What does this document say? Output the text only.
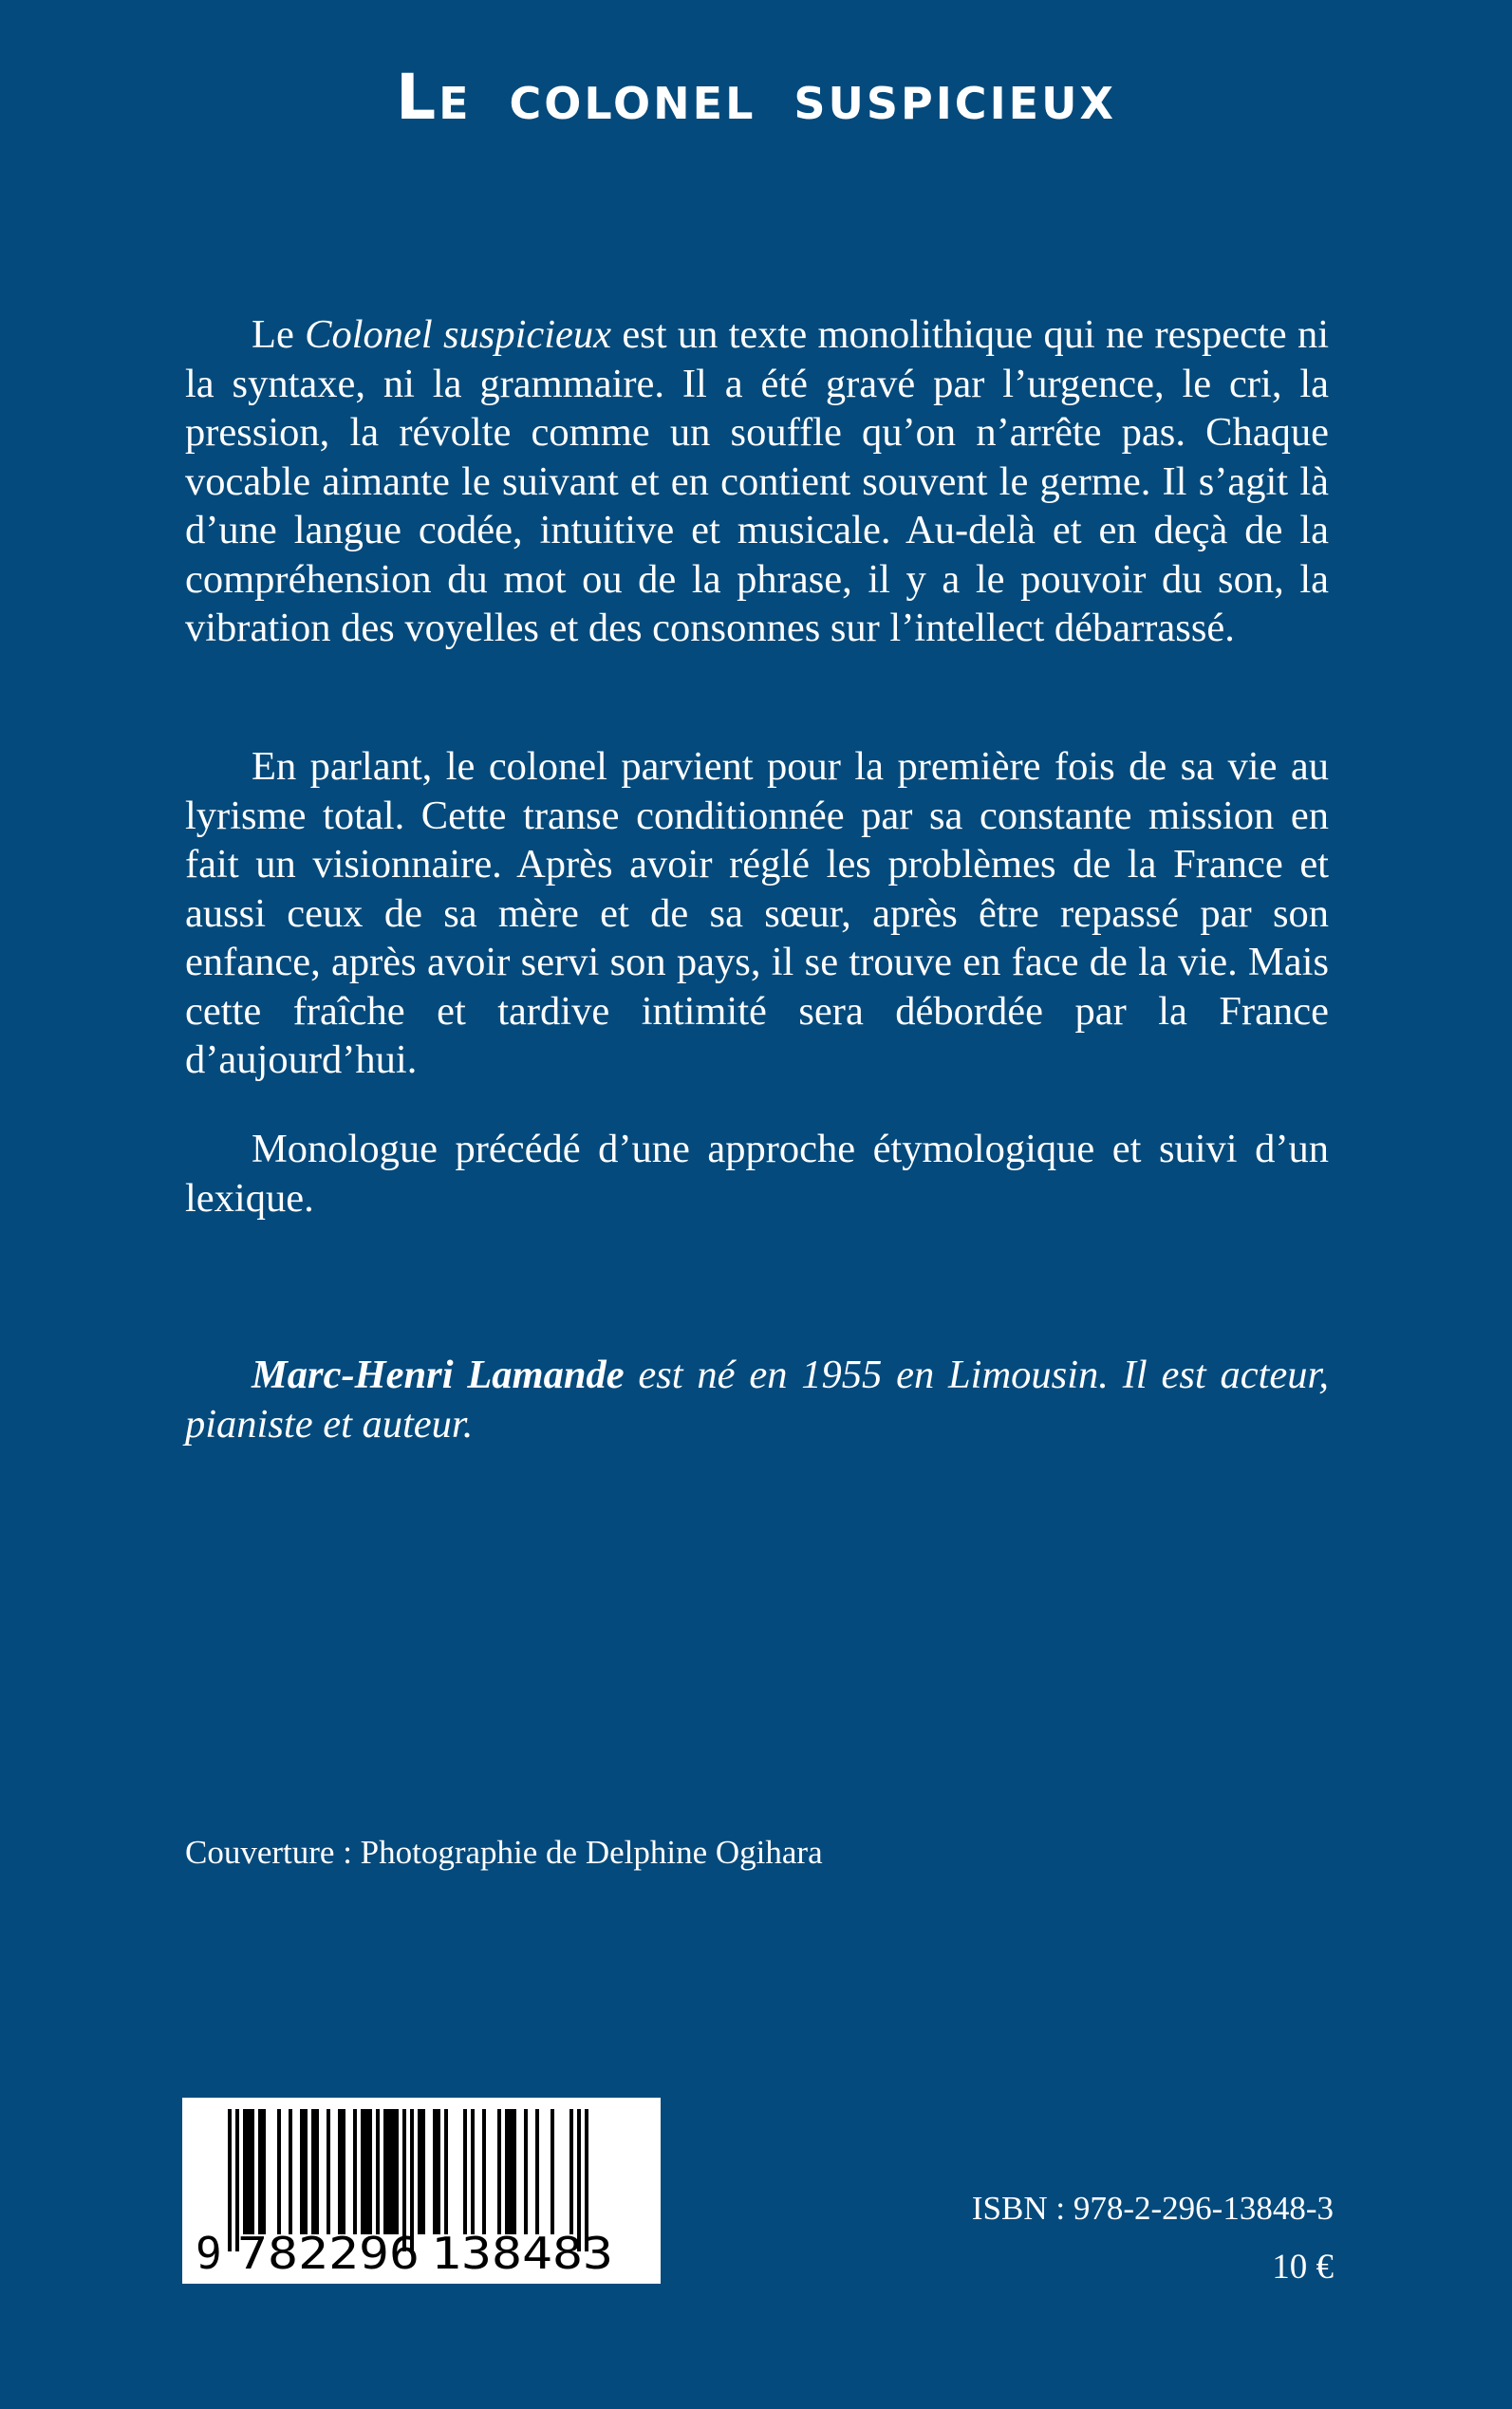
Le colonel suspicieux

Le Colonel suspicieux est un texte monolithique qui ne respecte ni la syntaxe, ni la grammaire. Il a été gravé par l’urgence, le cri, la pression, la révolte comme un souffle qu’on n’arrête pas. Chaque vocable aimante le suivant et en contient souvent le germe. Il s’agit là d’une langue codée, intuitive et musicale. Au-delà et en deçà de la compréhension du mot ou de la phrase, il y a le pouvoir du son, la vibration des voyelles et des consonnes sur l’intellect débarrassé.

En parlant, le colonel parvient pour la première fois de sa vie au lyrisme total. Cette transe conditionnée par sa constante mission en fait un visionnaire. Après avoir réglé les problèmes de la France et aussi ceux de sa mère et de sa sœur, après être repassé par son enfance, après avoir servi son pays, il se trouve en face de la vie. Mais cette fraîche et tardive intimité sera débordée par la France d’aujourd’hui.

Monologue précédé d’une approche étymologique et suivi d’un lexique.

Marc-Henri Lamande est né en 1955 en Limousin. Il est acteur, pianiste et auteur.
Couverture : Photographie de Delphine Ogihara
9 782296 138483
ISBN : 978-2-296-13848-3
10 €
